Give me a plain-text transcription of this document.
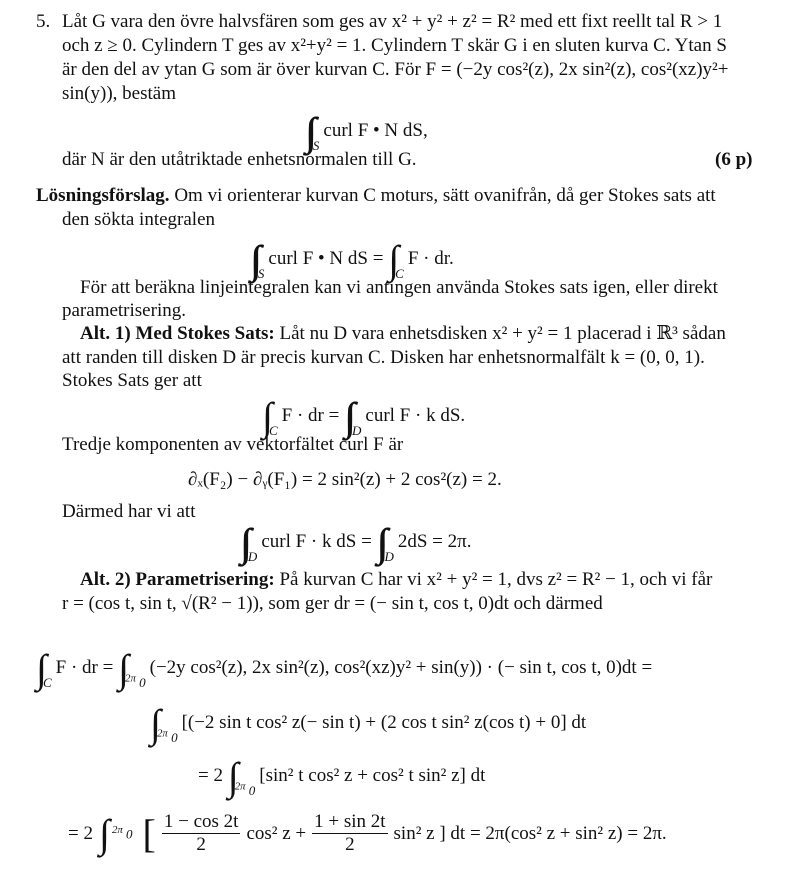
5. Låt G vara den övre halvsfären som ges av x² + y² + z² = R² med ett fixt reellt tal R > 1
och z ≥ 0. Cylindern T ges av x²+y² = 1. Cylindern T skär G i en sluten kurva C. Ytan S
är den del av ytan G som är över kurvan C. För F = (−2y cos²(z), 2x sin²(z), cos²(xz)y²+
sin(y)), bestäm
∫∫ $_S$curl F • N dS,
där N är den utåtriktade enhetsnormalen till G.	(6 p)
Lösningsförslag. Om vi orienterar kurvan C moturs, sätt ovanifrån, då ger Stokes sats att
den sökta integralen
∫∫ $_S$curl F • N dS = ∫ $_C$F · dr.
För att beräkna linjeintegralen kan vi antingen använda Stokes sats igen, eller direkt
parametrisering.
Alt. 1) Med Stokes Sats: Låt nu D vara enhetsdisken x² + y² = 1 placerad i ℝ³ sådan
att randen till disken D är precis kurvan C. Disken har enhetsnormalfält k = (0, 0, 1).
Stokes Sats ger att
∫ $_C$F · dr = ∫∫ $_D$curl F · k dS.
Tredje komponenten av vektorfältet curl F är
∂ₓ(F₂) − ∂ᵧ(F₁) = 2 sin²(z) + 2 cos²(z) = 2.
Därmed har vi att
∫∫ $_D$curl F · k dS = ∫∫ $_D$2dS = 2π.
Alt. 2) Parametrisering: På kurvan C har vi x² + y² = 1, dvs z² = R² − 1, och vi får
r = (cos t, sin t, √(R² − 1)), som ger dr = (− sin t, cos t, 0)dt och därmed
∫ $_C$F · dr = ∫ $_{^{2\pi} 0}$(−2y cos²(z), 2x sin²(z), cos²(xz)y² + sin(y)) · (− sin t, cos t, 0)dt =
∫ $_{^{2\pi} 0}$[(−2 sin t cos² z(− sin t) + (2 cos t sin² z(cos t) + 0] dt
= 2 ∫ $_{^{2\pi} 0}$[sin² t cos² z + cos² t sin² z] dt
= 2 ∫ $^{2\pi}$ 0 [ 1 − cos 2t
2
cos² $z + \frac{1 + \sin 2t}{2} \sin^2$ z ] dt = 2π(cos² z + sin² z) = 2π.
